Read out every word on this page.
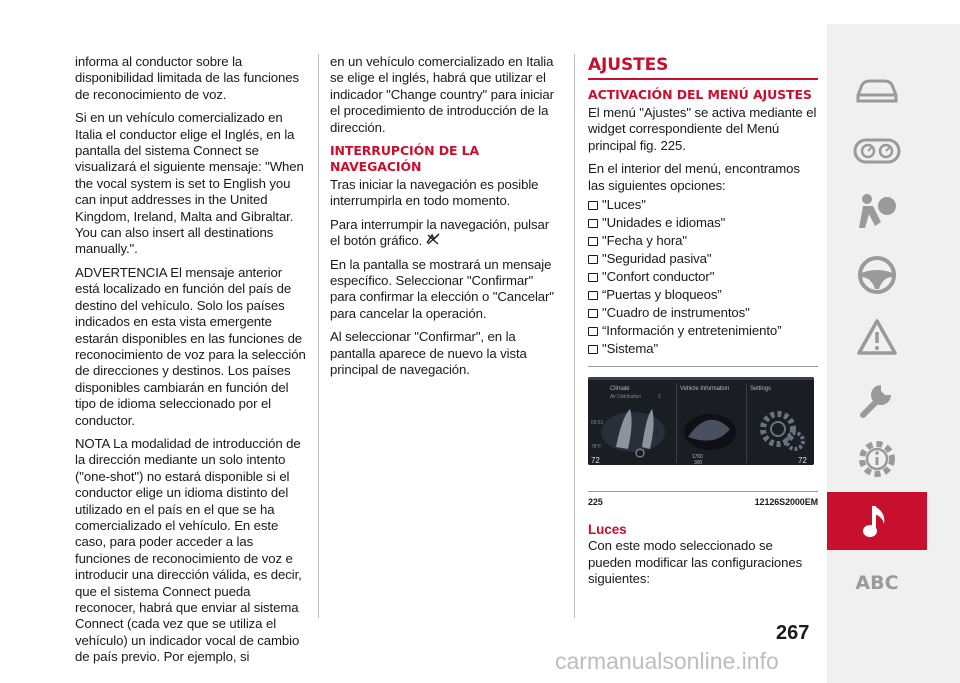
informa al conductor sobre la disponibilidad limitada de las funciones de reconocimiento de voz.

Si en un vehículo comercializado en Italia el conductor elige el Inglés, en la pantalla del sistema Connect se visualizará el siguiente mensaje: "When the vocal system is set to English you can input addresses in the United Kingdom, Ireland, Malta and Gibraltar. You can also insert all destinations manually.".

ADVERTENCIA El mensaje anterior está localizado en función del país de destino del vehículo. Solo los países indicados en esta vista emergente estarán disponibles en las funciones de reconocimiento de voz para la selección de direcciones y destinos. Los países disponibles cambiarán en función del tipo de idioma seleccionado por el conductor.

NOTA La modalidad de introducción de la dirección mediante un solo intento ("one-shot") no estará disponible si el conductor elige un idioma distinto del utilizado en el país en el que se ha comercializado el vehículo. En este caso, para poder acceder a las funciones de reconocimiento de voz e introducir una dirección válida, es decir, que el sistema Connect pueda reconocer, habrá que enviar al sistema Connect (cada vez que se utiliza el vehículo) un indicador vocal de cambio de país previo. Por ejemplo, si

en un vehículo comercializado en Italia se elige el inglés, habrá que utilizar el indicador "Change country" para iniciar el procedimiento de introducción de la dirección.

INTERRUPCIÓN DE LA NAVEGACIÓN

Tras iniciar la navegación es posible interrumpirla en todo momento.

Para interrumpir la navegación, pulsar el botón gráfico.

En la pantalla se mostrará un mensaje específico. Seleccionar "Confirmar" para confirmar la elección o "Cancelar" para cancelar la operación.

Al seleccionar "Confirmar", en la pantalla aparece de nuevo la vista principal de navegación.

AJUSTES
ACTIVACIÓN DEL MENÚ AJUSTES

El menú "Ajustes" se activa mediante el widget correspondiente del Menú principal fig. 225.

En el interior del menú, encontramos las siguientes opciones:

"Luces"
"Unidades e idiomas"
"Fecha y hora"
"Seguridad pasiva"
"Confort conductor"
“Puertas y bloqueos”
"Cuadro de instrumentos"
“Información y entretenimiento”
"Sistema"
Climate
Air Distribution	2
Vehicle Information	Settings
09:53
78°F
72	72
1700
300
225	12126S2000EM
Luces

Con este modo seleccionado se pueden modificar las configuraciones siguientes:

267
ABC
carmanualsonline.info
